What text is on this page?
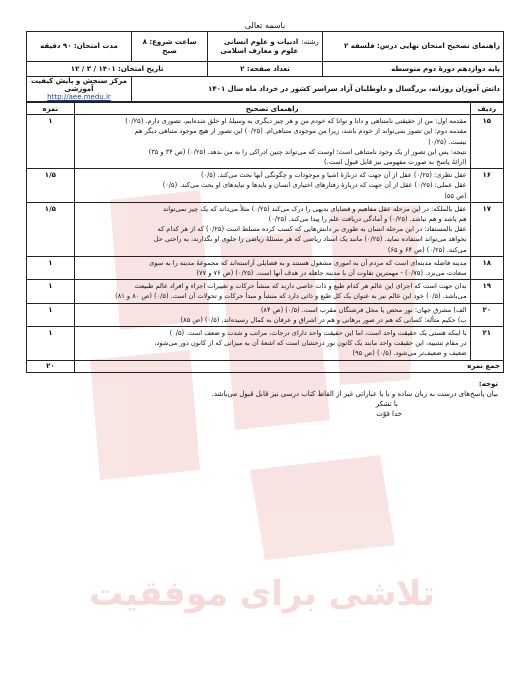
تلاشی برای موفقیت
باسمه تعالی
راهنمای تصحیح امتحان نهایی درس: فلسفه ۲	رشته:
ادبیات و علوم انسانی
علوم و معارف اسلامی	ساعت شروع: ۸ صبح	مدت امتحان: ۹۰ دقیقه
پایه دوازدهم دورهٔ دوم متوسطه	تعداد صفحه: ۲	تاریخ امتحان: ۱۴۰۱ / ۳ / ۱۲	
دانش آموزان روزانه، بزرگسال و داوطلبان آزاد سراسر کشور در خرداد ماه سال ۱۴۰۱			مرکز سنجش و پایش کیفیت آموزشی
http://aee.medu.ir
ردیف	راهنمای تصحیح	نمره
۱۵	مقدمه اول: من از حقیقتی نامتناهی و دانا و توانا که خودم من و هر چیز دیگری به وسیلهٔ او خلق شده‌ایم، تصوری دارم. (۰/۲۵)
مقدمه دوم: این تصور نمی‌تواند از خودم باشد، زیرا من موجودی متناهی‌ام. (۰/۲۵) این تصور از هیچ موجود متناهی دیگر هم
نیست. (۰/۲۵)
نتیجه: پس این تصور از یک وجود نامتناهی است؛ اوست که می‌تواند چنین ادراکی را به من بدهد. (۰/۲۵) (ص ۳۴ و ۳۵)
(ارائهٔ پاسخ به صورت مفهومی نیز قابل قبول است.)	۱
۱۶	عقل نظری: (۰/۲۵) عقل از آن جهت که دربارهٔ اشیا و موجودات و چگونگی آنها بحث می‌کند. (۰/۵)
عقل عملی: (۰/۲۵) عقل از آن جهت که دربارهٔ رفتارهای اختیاری انسان و بایدها و نبایدهای او بحث می‌کند. (۰/۵)
(ص ۵۵)	۱/۵
۱۷	عقل بالملکه: در این مرحله عقل مفاهیم و قضایای بدیهی را درک می‌کند (۰/۲۵) مثلاً می‌داند که یک چیز نمی‌تواند
هم باشد و هم نباشد. (۰/۲۵) و آمادگی دریافت علم را پیدا می‌کند. (۰/۲۵)
عقل بالمستفاد: در این مرحله انسان به طوری بر دانش‌هایی که کسب کرده مسلط است (۰/۲۵) که از هر کدام که
بخواهد می‌تواند استفاده نماید. (۰/۲۵) مانند یک استاد ریاضی که هر مسئلهٔ ریاضی را جلوی او بگذارند، به راحتی حل
می‌کند. (۰/۲۵) (ص ۶۴ و ۶۵)	۱/۵
۱۸	مدینه فاضله مدینه‌ای است که مردم آن به اموری مشغول هستند و به فضایلی آراسته‌اند که مجموعهٔ مدینه را به سوی
سعادت می‌برد. (۰/۷۵) - مهمترین تفاوت آن با مدینه جاهله در هدف آنها است. (۰/۲۵) (ص ۷۶ و ۷۷)	۱
۱۹	بدان جهت است که اجزای این عالم هر کدام طبع و ذات خاصی دارند که منشأ حرکات و تغییرات اجزاء و افراد عالم طبیعت
می‌باشد. (۰/۵) خود این عالم نیز به عنوان یک کل طبع و ذاتی دارد که منشأ و مبدأ حرکات و تحولات آن است. (۰/۵) (ص ۸۰ و ۸۱)	۱
۲۰	الف) مشرق جهان: نور محض یا محل فرشتگان مقرب است. (۰/۵) (ص ۸۴)
ب) حکیم متأله: کسانی که هم در صور برهانی و هم در اشراق و عرفان به کمال رسیده‌اند. (۰/۵) (ص ۸۵)	۱
۲۱	با اینکه هستی یک حقیقت واحد است، اما این حقیقت واحد دارای درجات، مراتب و شدت و ضعف است. (۰/۵)
در مقام تشبیه، این حقیقت واحد مانند یک کانون نور درخشان است که اشعهٔ آن به میزانی که از کانون دور می‌شود،
ضعیف و ضعیف‌تر می‌شود. (۰/۵) (ص ۹۵)	۱
جمع نمره		۲۰
توجه:
بیان پاسخ‌های درست به زبان ساده و یا با عباراتی غیر از الفاظ کتاب درسی نیز قابل قبول می‌باشد.
با تشکر
خدا قوّت
